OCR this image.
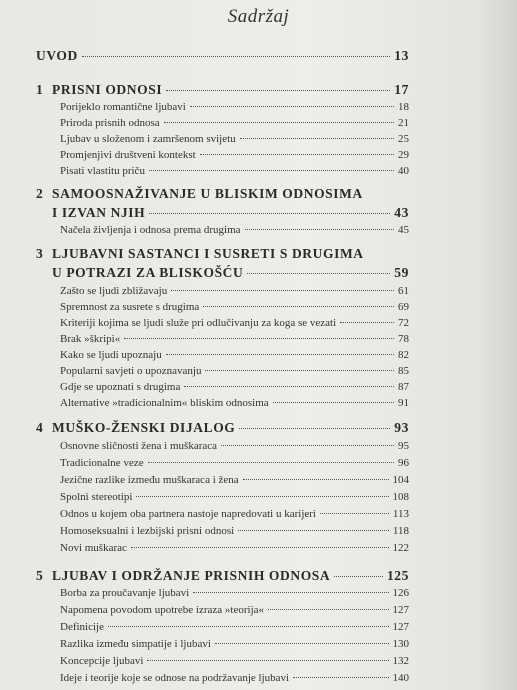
Sadržaj
UVOD	13
1 PRISNI ODNOSI	17
Porijeklo romantične ljubavi	18
Priroda prisnih odnosa	21
Ljubav u složenom i zamršenom svijetu	25
Promjenjivi društveni kontekst	29
Pisati vlastitu priču	40
2 SAMOOSNAŽIVANJE U BLISKIM ODNOSIMA
I IZVAN NJIH	43
Načela življenja i odnosa prema drugima	45
3 LJUBAVNI SASTANCI I SUSRETI S DRUGIMA
U POTRAZI ZA BLISKOŠĆU	59
Zašto se ljudi zbližavaju	61
Spremnost za susrete s drugima	69
Kriteriji kojima se ljudi služe pri odlučivanju za koga se vezati	72
Brak »škripi«	78
Kako se ljudi upoznaju	82
Popularni savjeti o upoznavanju	85
Gdje se upoznati s drugima	87
Alternative »tradicionalnim« bliskim odnosima	91
4 MUŠKO-ŽENSKI DIJALOG	93
Osnovne sličnosti žena i muškaraca	95
Tradicionalne veze	96
Jezične razlike između muškaraca i žena	104
Spolni stereotipi	108
Odnos u kojem oba partnera nastoje napredovati u karijeri	113
Homoseksualni i lezbijski prisni odnosi	118
Novi muškarac	122
5 LJUBAV I ODRŽANJE PRISNIH ODNOSA	125
Borba za proučavanje ljubavi	126
Napomena povodom upotrebe izraza »teorija«	127
Definicije	127
Razlika između simpatije i ljubavi	130
Koncepcije ljubavi	132
Ideje i teorije koje se odnose na podržavanje ljubavi	140
